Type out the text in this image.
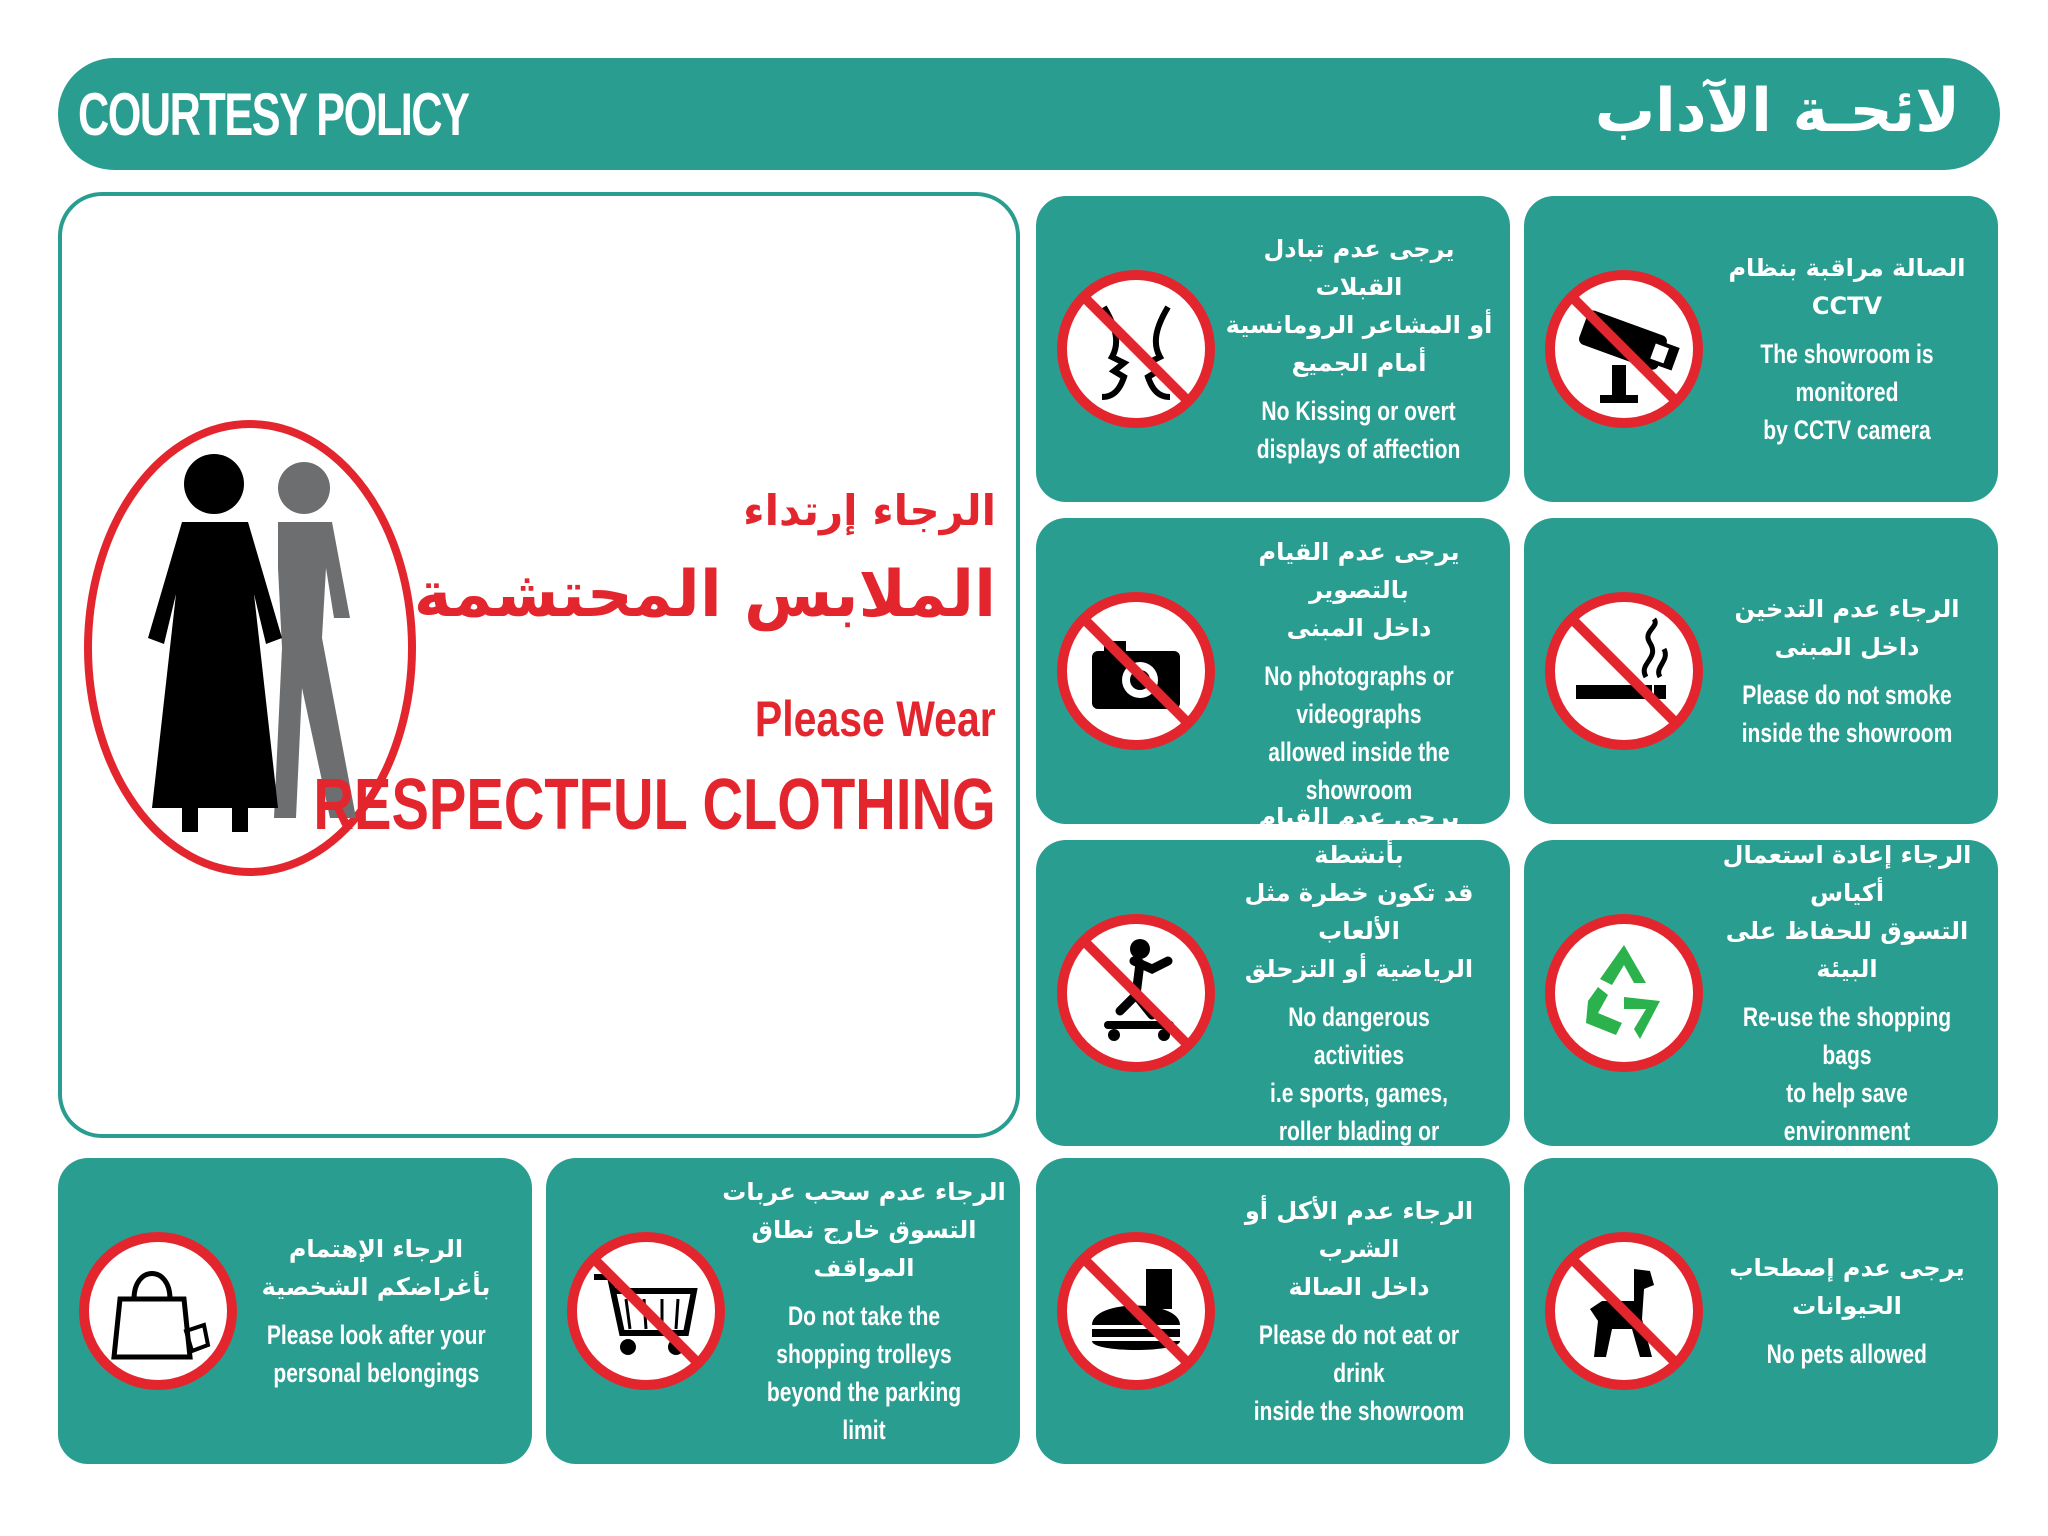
COURTESY POLICY	لائحـة الآداب
الرجاء إرتداء
الملابس المحتشمة
Please Wear
RESPECTFUL CLOTHING
يرجى عدم تبادل القبلات
أو المشاعر الرومانسية
أمام الجميع
No Kissing or overt
displays of affection
الصالة مراقبة بنظام CCTV
The showroom is monitored
by CCTV camera
يرجى عدم القيام بالتصوير
داخل المبنى
No photographs or videographs
allowed inside the showroom
الرجاء عدم التدخين داخل المبنى
Please do not smoke
inside the showroom
يرجى عدم القيام بأنشطة
قد تكون خطرة مثل الألعاب
الرياضية أو التزحلق
No dangerous activities
i.e sports, games,
roller blading or
الرجاء إعادة استعمال أكياس
التسوق للحفاظ على البيئة
Re-use the shopping bags
to help save environment
الرجاء الإهتمام
بأغراضكم الشخصية
Please look after your
personal belongings
الرجاء عدم سحب عربات
التسوق خارج نطاق المواقف
Do not take the shopping trolleys
beyond the parking limit
الرجاء عدم الأكل أو الشرب
داخل الصالة
Please do not eat or drink
inside the showroom
يرجى عدم إصطحاب الحيوانات
No pets allowed
